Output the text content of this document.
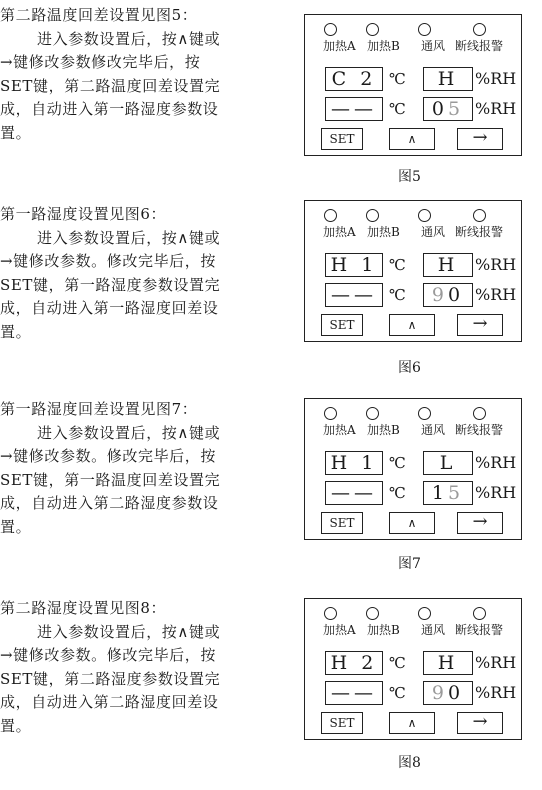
第二路温度回差设置见图5：

进入参数设置后，按∧键或

→键修改参数修改完毕后，按

SET键，第二路温度回差设置完

成，自动进入第一路湿度参数设

置。

加热A 加热B 通风 断线报警
C 2 ℃	H	%RH
—— ℃	05 %RH
SET	∧	→
图5

第一路湿度设置见图6：

进入参数设置后，按∧键或

→键修改参数。修改完毕后，按

SET键，第一路湿度参数设置完

成，自动进入第一路湿度回差设

置。

加热A 加热B 通风 断线报警
H 1 ℃	H	%RH
—— ℃	90 %RH
SET	∧	→
图6

第一路湿度回差设置见图7：

进入参数设置后，按∧键或

→键修改参数。修改完毕后，按

SET键，第一路温度回差设置完

成，自动进入第二路湿度参数设

置。

加热A 加热B 通风 断线报警
H 1 ℃	L	%RH
—— ℃	15 %RH
SET	∧	→
图7

第二路湿度设置见图8：

进入参数设置后，按∧键或

→键修改参数。修改完毕后，按

SET键，第二路湿度参数设置完

成，自动进入第二路湿度回差设

置。

加热A 加热B 通风 断线报警
H 2 ℃	H	%RH
—— ℃	90 %RH
SET	∧	→
图8
